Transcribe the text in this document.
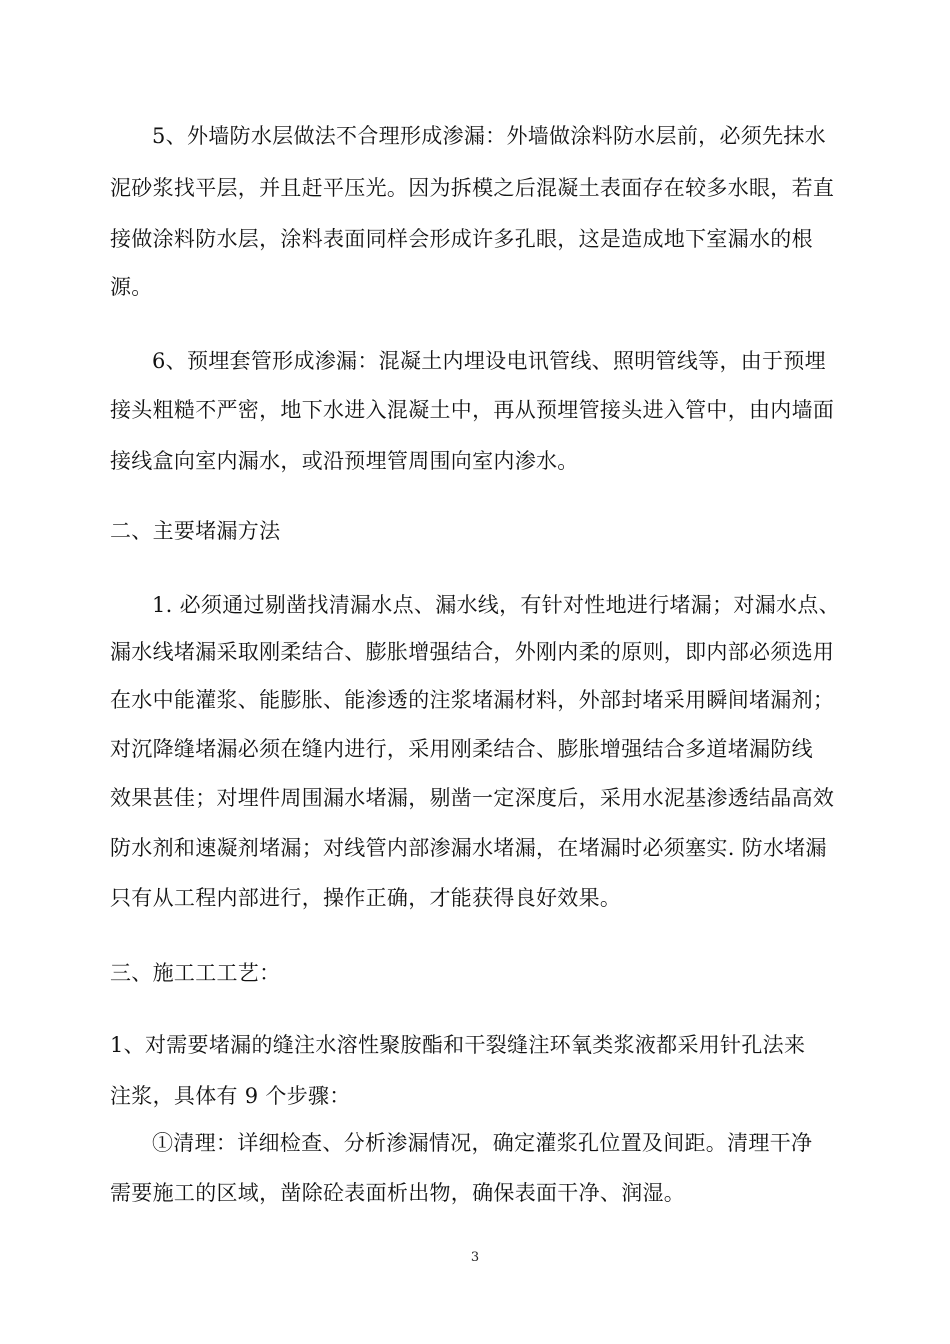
5、外墙防水层做法不合理形成渗漏：外墙做涂料防水层前，必须先抹水

泥砂浆找平层，并且赶平压光。因为拆模之后混凝土表面存在较多水眼，若直

接做涂料防水层，涂料表面同样会形成许多孔眼，这是造成地下室漏水的根

源。

6、预埋套管形成渗漏：混凝土内埋设电讯管线、照明管线等，由于预埋

接头粗糙不严密，地下水进入混凝土中，再从预埋管接头进入管中，由内墙面

接线盒向室内漏水，或沿预埋管周围向室内渗水。

二、主要堵漏方法

1. 必须通过剔凿找清漏水点、漏水线，有针对性地进行堵漏；对漏水点、

漏水线堵漏采取刚柔结合、膨胀增强结合，外刚内柔的原则，即内部必须选用

在水中能灌浆、能膨胀、能渗透的注浆堵漏材料，外部封堵采用瞬间堵漏剂；

对沉降缝堵漏必须在缝内进行，采用刚柔结合、膨胀增强结合多道堵漏防线

效果甚佳；对埋件周围漏水堵漏，剔凿一定深度后，采用水泥基渗透结晶高效

防水剂和速凝剂堵漏；对线管内部渗漏水堵漏，在堵漏时必须塞实. 防水堵漏

只有从工程内部进行，操作正确，才能获得良好效果。

三、施工工工艺：

1、对需要堵漏的缝注水溶性聚胺酯和干裂缝注环氧类浆液都采用针孔法来

注浆，具体有 9 个步骤：

①清理：详细检查、分析渗漏情况，确定灌浆孔位置及间距。清理干净

需要施工的区域，凿除砼表面析出物，确保表面干净、润湿。

3
